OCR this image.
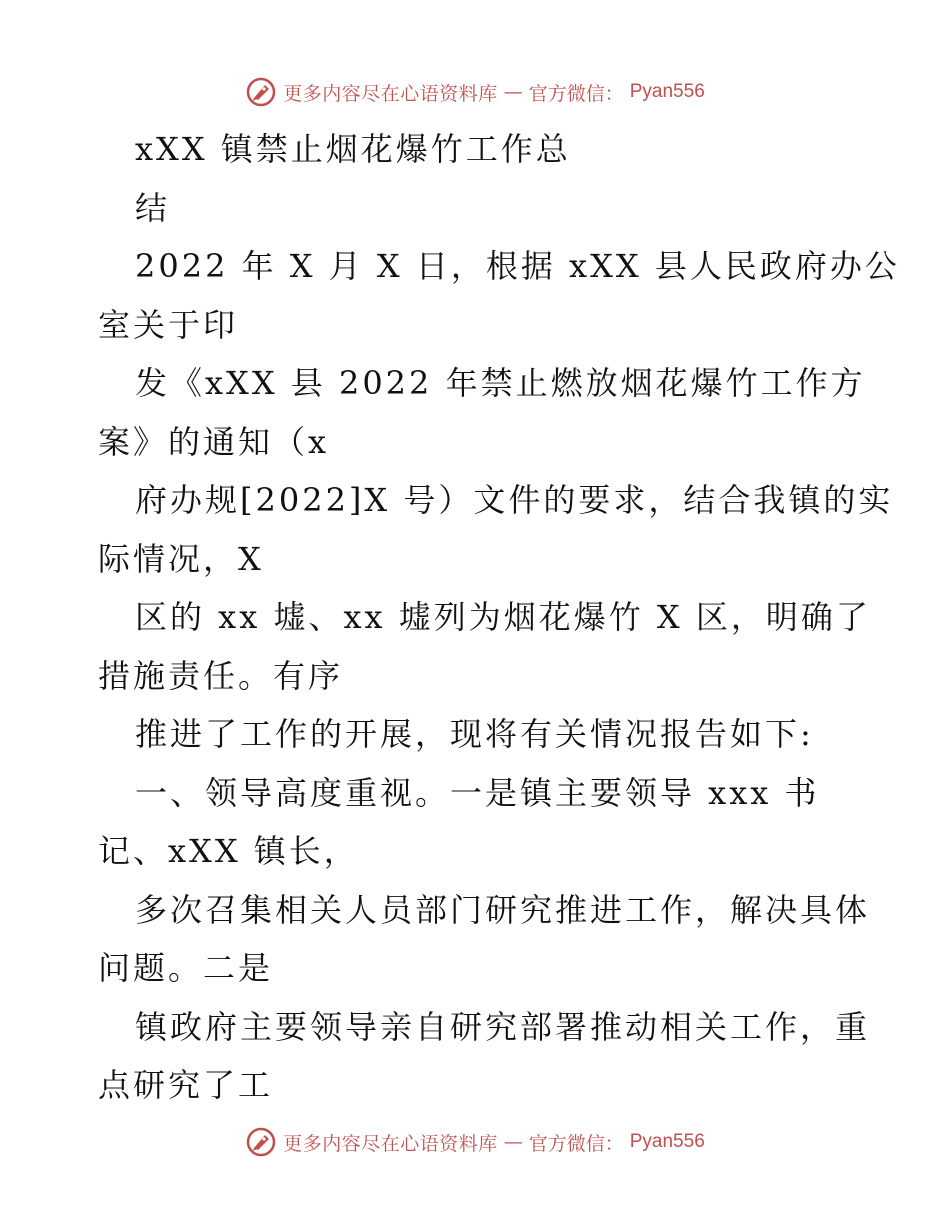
更多内容尽在心语资料库 — 官方微信： Pyan556
xXX 镇禁止烟花爆竹工作总
结
2022 年 X 月 X 日，根据 xXX 县人民政府办公
室关于印
发《xXX 县 2022 年禁止燃放烟花爆竹工作方
案》的通知（x
府办规[2022]X 号）文件的要求，结合我镇的实
际情况，X
区的 xx 墟、xx 墟列为烟花爆竹 X 区，明确了
措施责任。有序
推进了工作的开展，现将有关情况报告如下:
一、领导高度重视。一是镇主要领导 xxx 书
记、xXX 镇长，
多次召集相关人员部门研究推进工作，解决具体
问题。二是
镇政府主要领导亲自研究部署推动相关工作，重
点研究了工
更多内容尽在心语资料库 — 官方微信： Pyan556
